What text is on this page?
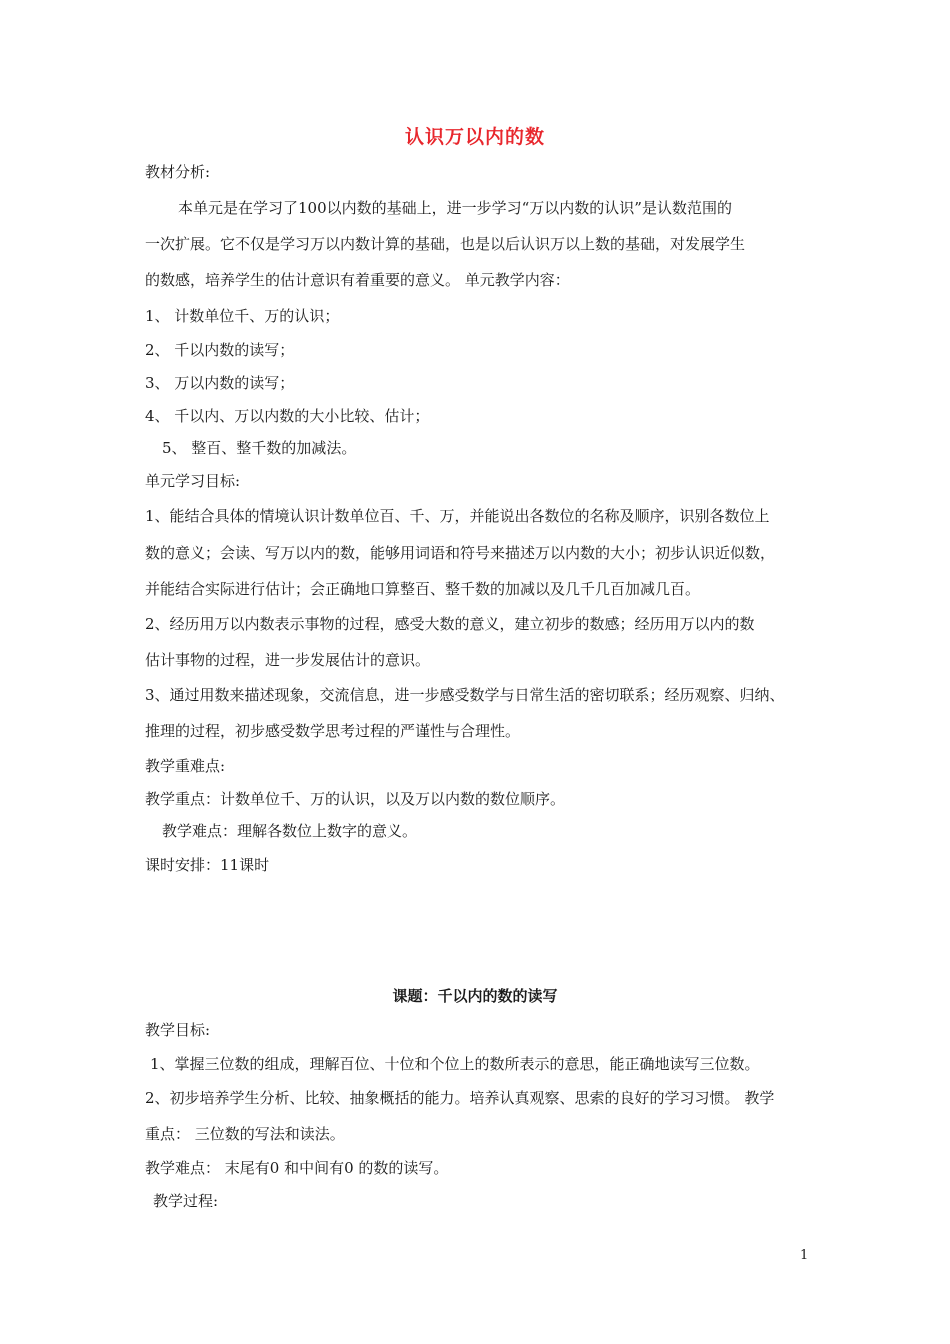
认识万以内的数
教材分析:
本单元是在学习了100以内数的基础上，进一步学习“万以内数的认识”是认数范围的
一次扩展。它不仅是学习万以内数计算的基础，也是以后认识万以上数的基础，对发展学生
的数感，培养学生的估计意识有着重要的意义。 单元教学内容：
1、 计数单位千、万的认识；
2、 千以内数的读写；
3、 万以内数的读写；
4、 千以内、万以内数的大小比较、估计；
5、 整百、整千数的加减法。
单元学习目标:
1、能结合具体的情境认识计数单位百、千、万，并能说出各数位的名称及顺序，识别各数位上
数的意义；会读、写万以内的数，能够用词语和符号来描述万以内数的大小；初步认识近似数，
并能结合实际进行估计；会正确地口算整百、整千数的加减以及几千几百加减几百。
2、经历用万以内数表示事物的过程，感受大数的意义，建立初步的数感；经历用万以内的数
估计事物的过程，进一步发展估计的意识。
3、通过用数来描述现象，交流信息，进一步感受数学与日常生活的密切联系；经历观察、归纳、
推理的过程，初步感受数学思考过程的严谨性与合理性。
教学重难点:
教学重点：计数单位千、万的认识，以及万以内数的数位顺序。
教学难点：理解各数位上数字的意义。
课时安排：11课时
课题：千以内的数的读写
教学目标:
1、掌握三位数的组成，理解百位、十位和个位上的数所表示的意思，能正确地读写三位数。
2、初步培养学生分析、比较、抽象概括的能力。培养认真观察、思索的良好的学习习惯。 教学
重点： 三位数的写法和读法。
教学难点： 末尾有0 和中间有0 的数的读写。
教学过程:
1
